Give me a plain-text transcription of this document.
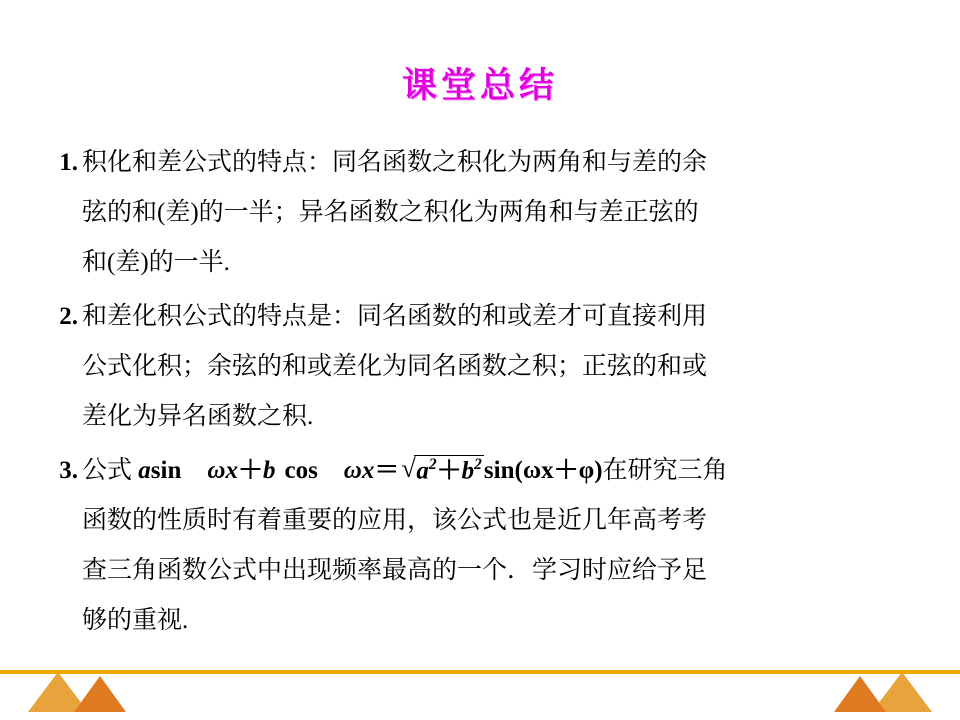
课堂总结
1. 积化和差公式的特点：同名函数之积化为两角和与差的余
弦的和(差)的一半；异名函数之积化为两角和与差正弦的
和(差)的一半.
2. 和差化积公式的特点是：同名函数的和或差才可直接利用
公式化积；余弦的和或差化为同名函数之积；正弦的和或
差化为异名函数之积.
3. 公式 asin ωx＋b cos ωx＝ √ $a^2+b^2\sin(\omega x+\varphi)$在研究三角
函数的性质时有着重要的应用，该公式也是近几年高考考
查三角函数公式中出现频率最高的一个．学习时应给予足
够的重视.
